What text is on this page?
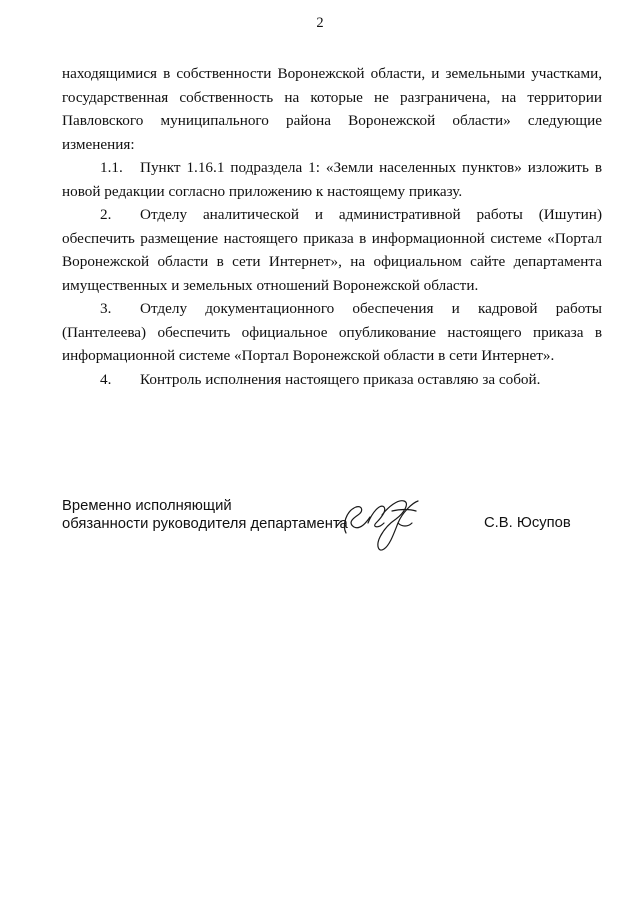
2

находящимися в собственности Воронежской области, и земельными участками, государственная собственность на которые не разграничена, на территории Павловского муниципального района Воронежской области» следующие изменения:

1.1. Пункт 1.16.1 подраздела 1: «Земли населенных пунктов» изложить в новой редакции согласно приложению к настоящему приказу.

2. Отделу аналитической и административной работы (Ишутин) обеспечить размещение настоящего приказа в информационной системе «Портал Воронежской области в сети Интернет», на официальном сайте департамента имущественных и земельных отношений Воронежской области.

3. Отделу документационного обеспечения и кадровой работы (Пантелеева) обеспечить официальное опубликование настоящего приказа в информационной системе «Портал Воронежской области в сети Интернет».

4. Контроль исполнения настоящего приказа оставляю за собой.

Временно исполняющий
обязанности руководителя департамента	С.В. Юсупов
